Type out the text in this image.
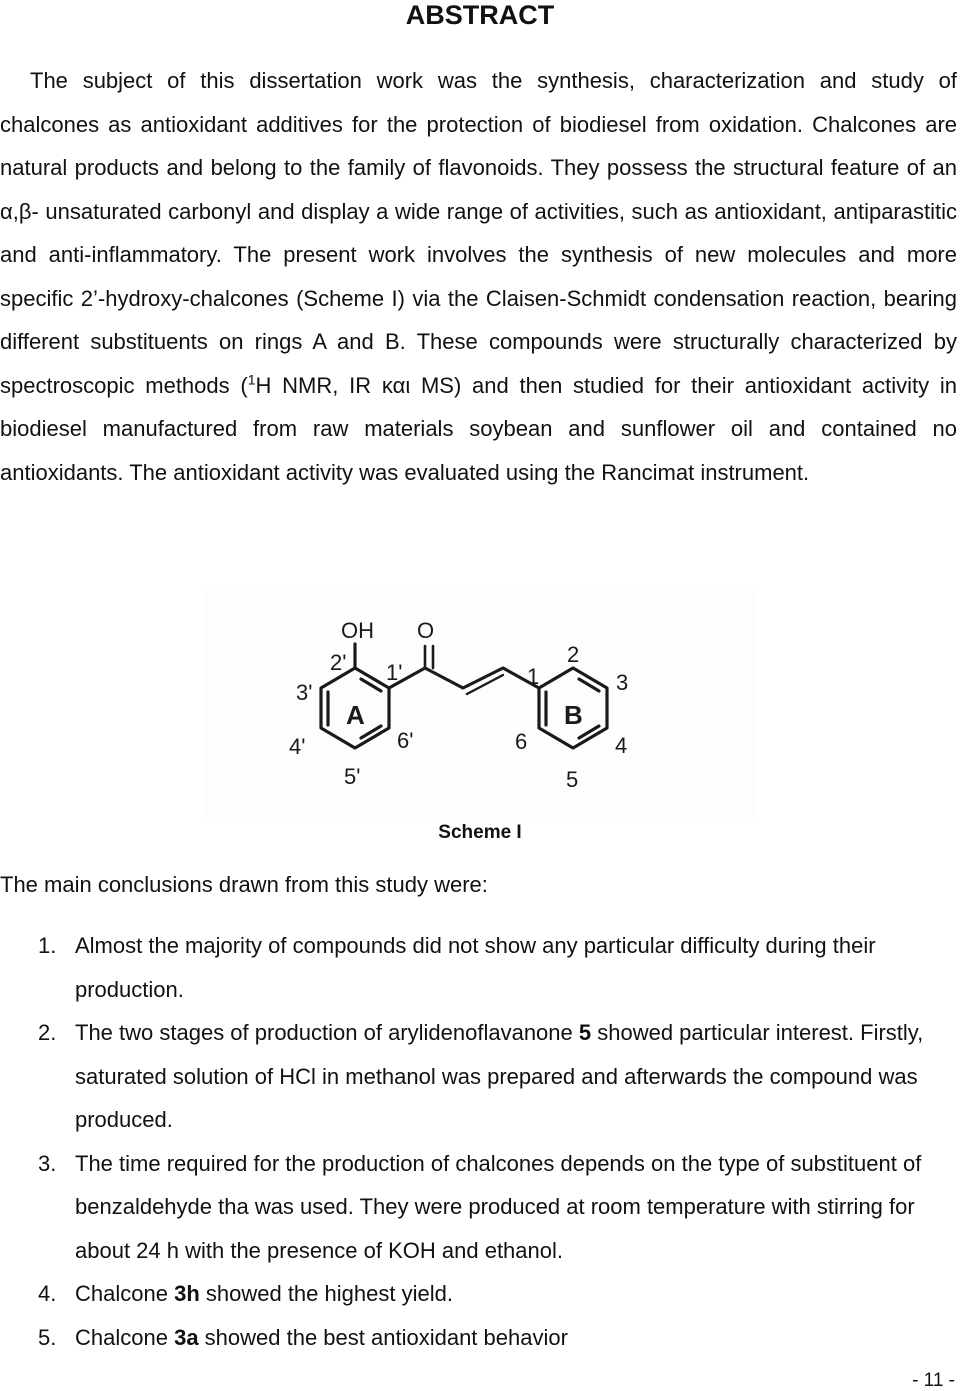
ABSTRACT

The subject of this dissertation work was the synthesis, characterization and study of chalcones as antioxidant additives for the protection of biodiesel from oxidation. Chalcones are natural products and belong to the family of flavonoids. They possess the structural feature of an α,β- unsaturated carbonyl and display a wide range of activities, such as antioxidant, antiparastitic and anti-inflammatory. The present work involves the synthesis of new molecules and more specific 2’-hydroxy-chalcones (Scheme I) via the Claisen-Schmidt condensation reaction, bearing different substituents on rings A and B. These compounds were structurally characterized by spectroscopic methods ($^1$H NMR, IR και MS) and then studied for their antioxidant activity in biodiesel manufactured from raw materials soybean and sunflower oil and contained no antioxidants. The antioxidant activity was evaluated using the Rancimat instrument.

OH O
A	B
2' 1'
3'
4'
5'
6'
1
2
3
4
5
6
Scheme I

The main conclusions drawn from this study were:

1. Almost the majority of compounds did not show any particular difficulty during their production.
2. The two stages of production of arylidenoflavanone 5 showed particular interest. Firstly, saturated solution of HCl in methanol was prepared and afterwards the compound was produced.
3. The time required for the production of chalcones depends on the type of substituent of benzaldehyde tha was used. They were produced at room temperature with stirring for about 24 h with the presence of KOH and ethanol.
4. Chalcone 3h showed the highest yield.
5. Chalcone 3a showed the best antioxidant behavior
- 11 -
